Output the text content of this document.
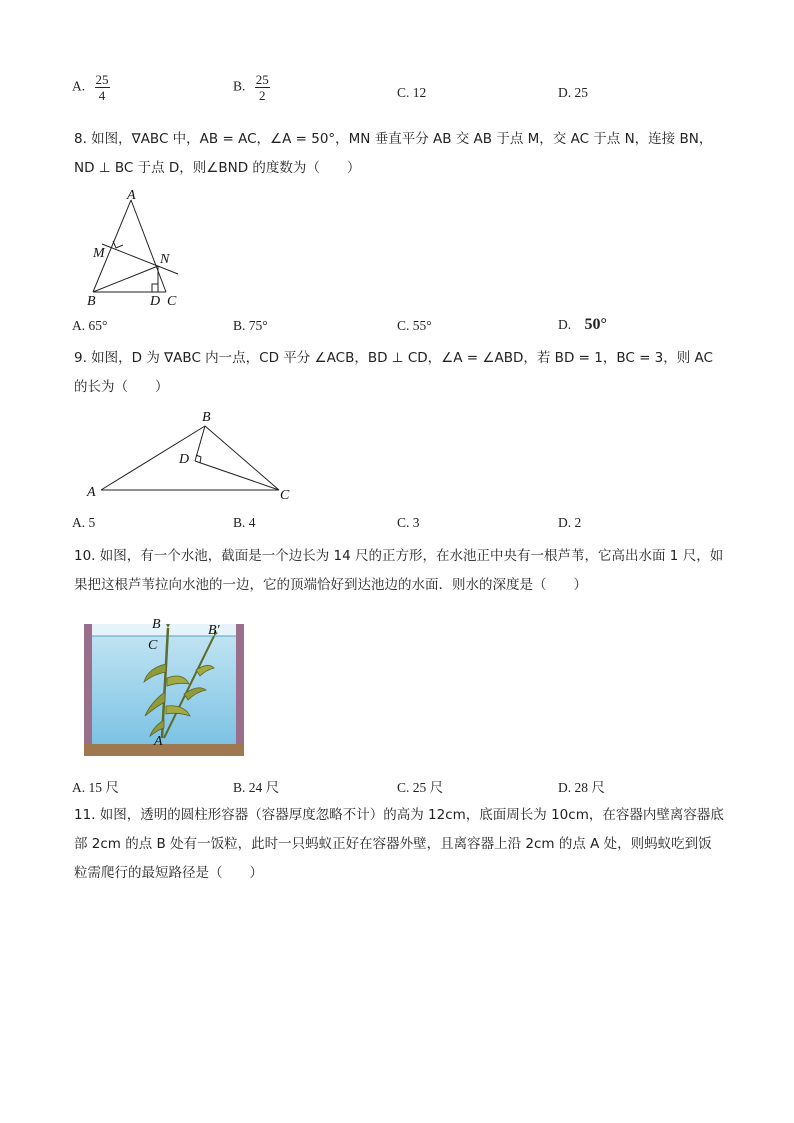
A. $\frac{25}{4}$	B. $\frac{25}{2}$	C. 12	D. 25
8. 如图，∇ABC 中，AB = AC，∠A = 50°，MN 垂直平分 AB 交 AB 于点 M，交 AC 于点 N，连接 BN，ND ⊥ BC 于点 D，则∠BND 的度数为（　　）
A
M	N
B	D C
A. 65°	B. 75°	C. 55°	D. 50°
9. 如图，D 为 ∇ABC 内一点，CD 平分 ∠ACB，BD ⊥ CD，∠A = ∠ABD，若 BD = 1，BC = 3，则 AC 的长为（　　）
B
D
A	C
A. 5	B. 4	C. 3	D. 2
10. 如图，有一个水池，截面是一个边长为 14 尺的正方形，在水池正中央有一根芦苇，它高出水面 1 尺，如果把这根芦苇拉向水池的一边，它的顶端恰好到达池边的水面．则水的深度是（　　）
B	B'
C
A
A. 15 尺	B. 24 尺	C. 25 尺	D. 28 尺
11. 如图，透明的圆柱形容器（容器厚度忽略不计）的高为 12cm，底面周长为 10cm，在容器内壁离容器底部 2cm 的点 B 处有一饭粒，此时一只蚂蚁正好在容器外壁，且离容器上沿 2cm 的点 A 处，则蚂蚁吃到饭粒需爬行的最短路径是（　　）
